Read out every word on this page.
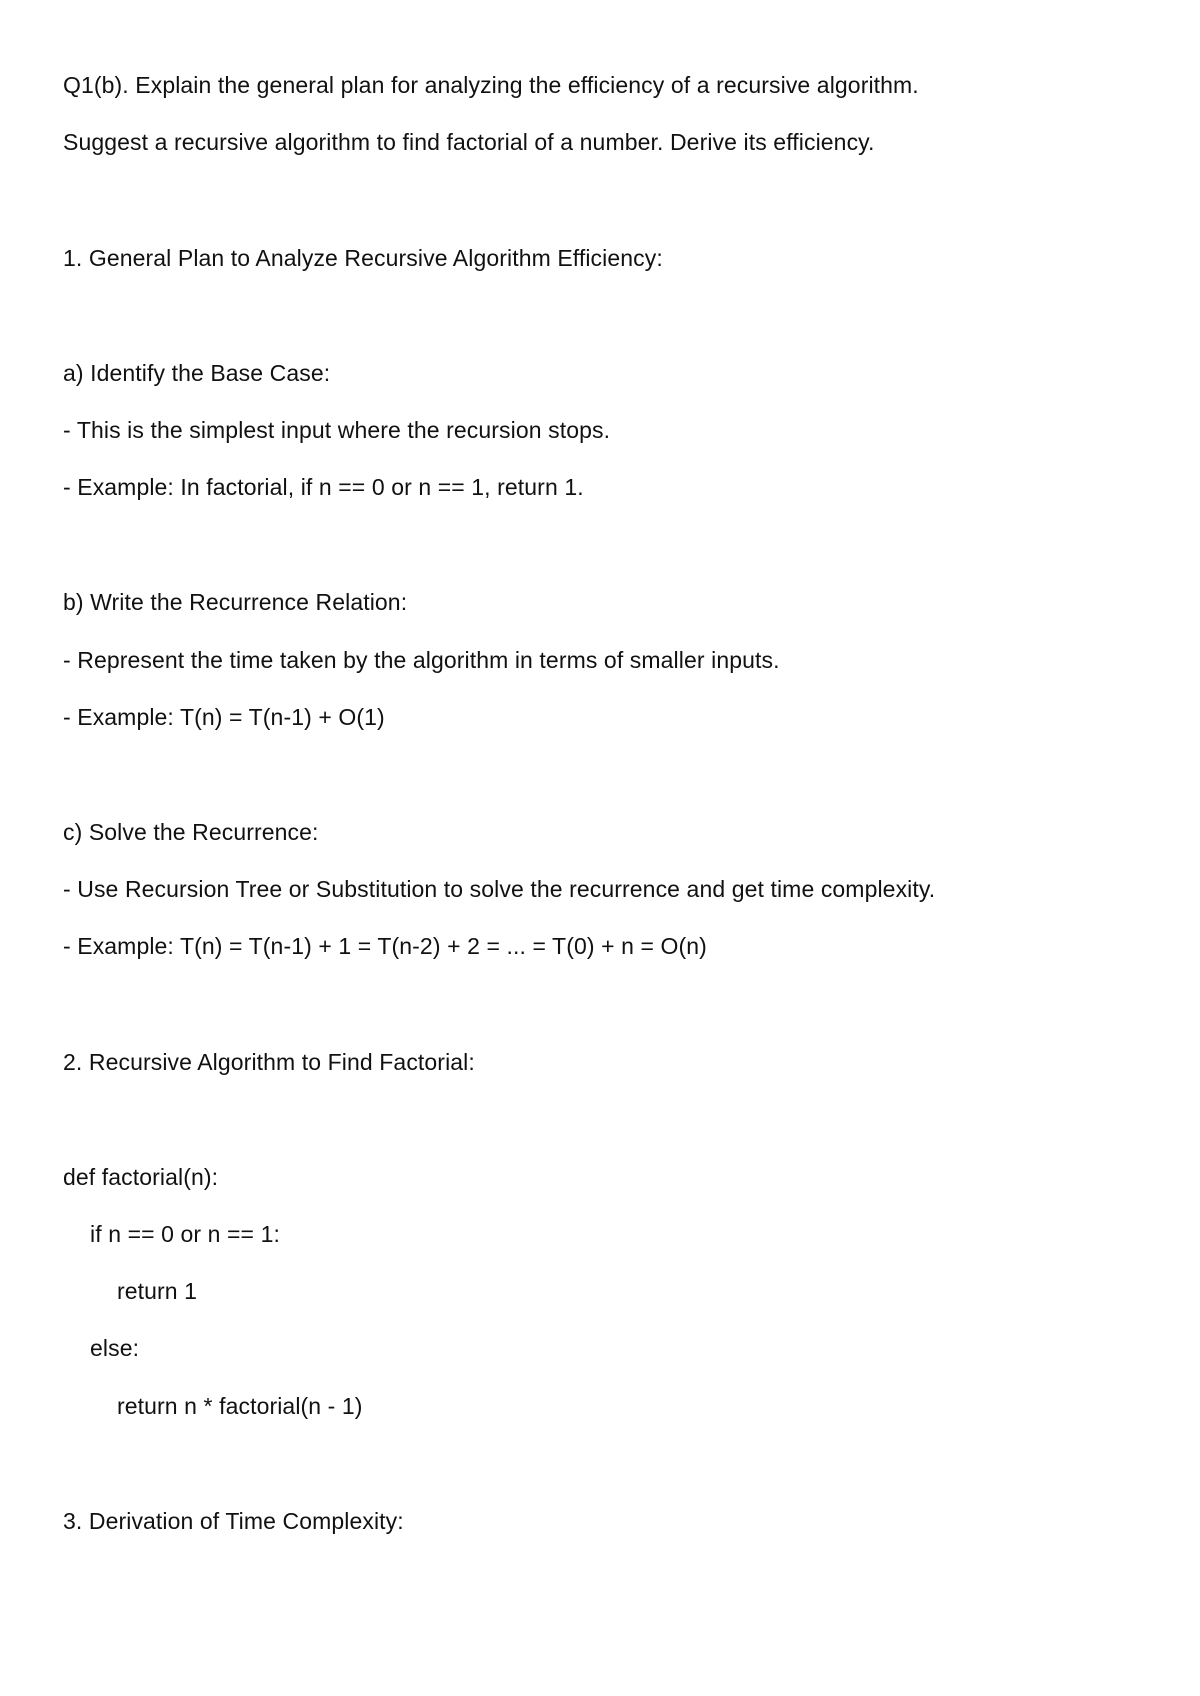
Q1(b). Explain the general plan for analyzing the efficiency of a recursive algorithm.
Suggest a recursive algorithm to find factorial of a number. Derive its efficiency.
1. General Plan to Analyze Recursive Algorithm Efficiency:
a) Identify the Base Case:
- This is the simplest input where the recursion stops.
- Example: In factorial, if n == 0 or n == 1, return 1.
b) Write the Recurrence Relation:
- Represent the time taken by the algorithm in terms of smaller inputs.
- Example: T(n) = T(n-1) + O(1)
c) Solve the Recurrence:
- Use Recursion Tree or Substitution to solve the recurrence and get time complexity.
- Example: T(n) = T(n-1) + 1 = T(n-2) + 2 = ... = T(0) + n = O(n)
2. Recursive Algorithm to Find Factorial:
def factorial(n):
if n == 0 or n == 1:
return 1
else:
return n * factorial(n - 1)
3. Derivation of Time Complexity:
